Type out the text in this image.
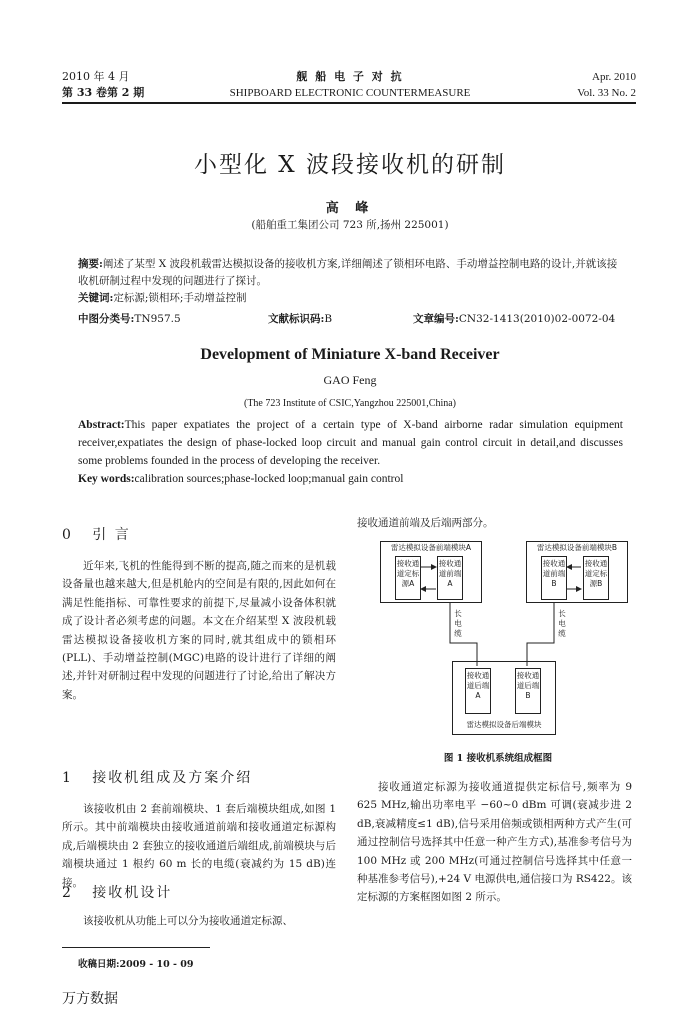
2010 年 4 月
第 33 卷第 2 期
舰 船 电 子 对 抗
SHIPBOARD ELECTRONIC COUNTERMEASURE
Apr. 2010
Vol. 33 No. 2
小型化 X 波段接收机的研制
高 峰
(船舶重工集团公司 723 所,扬州 225001)
摘要:阐述了某型 X 波段机载雷达模拟设备的接收机方案,详细阐述了锁相环电路、手动增益控制电路的设计,并就该接收机研制过程中发现的问题进行了探讨。
关键词:定标源;锁相环;手动增益控制
中图分类号:TN957.5	文献标识码:B	文章编号:CN32-1413(2010)02-0072-04
Development of Miniature X-band Receiver
GAO Feng
(The 723 Institute of CSIC,Yangzhou 225001,China)
Abstract:This paper expatiates the project of a certain type of X-band airborne radar simulation equipment receiver,expatiates the design of phase-locked loop circuit and manual gain control circuit in detail,and discusses some problems founded in the process of developing the receiver.
Key words:calibration sources;phase-locked loop;manual gain control
0 引 言
近年来,飞机的性能得到不断的提高,随之而来的是机载设备量也越来越大,但是机舱内的空间是有限的,因此如何在满足性能指标、可靠性要求的前提下,尽量减小设备体积就成了设计者必须考虑的问题。本文在介绍某型 X 波段机载雷达模拟设备接收机方案的同时,就其组成中的锁相环(PLL)、手动增益控制(MGC)电路的设计进行了详细的阐述,并针对研制过程中发现的问题进行了讨论,给出了解决方案。
1 接收机组成及方案介绍
该接收机由 2 套前端模块、1 套后端模块组成,如图 1 所示。其中前端模块由接收通道前端和接收通道定标源构成,后端模块由 2 套独立的接收通道后端组成,前端模块与后端模块通过 1 根约 60 m 长的电缆(衰减约为 15 dB)连接。
2 接收机设计
该接收机从功能上可以分为接收通道定标源、
接收通道前端及后端两部分。
雷达模拟设备前端模块A
接收通道定标源A
接收通道前端A
雷达模拟设备前端模块B
接收通道前端B
接收通道定标源B
接收通道后端A
接收通道后端B
雷达模拟设备后端模块
长电缆
长电缆
图 1 接收机系统组成框图
接收通道定标源为接收通道提供定标信号,频率为 9 625 MHz,输出功率电平 −60~0 dBm 可调(衰减步进 2 dB,衰减精度≤1 dB),信号采用倍频或锁相两种方式产生(可通过控制信号选择其中任意一种产生方式),基准参考信号为 100 MHz 或 200 MHz(可通过控制信号选择其中任意一种基准参考信号),+24 V 电源供电,通信接口为 RS422。该定标源的方案框图如图 2 所示。
收稿日期:2009 - 10 - 09
万方数据
